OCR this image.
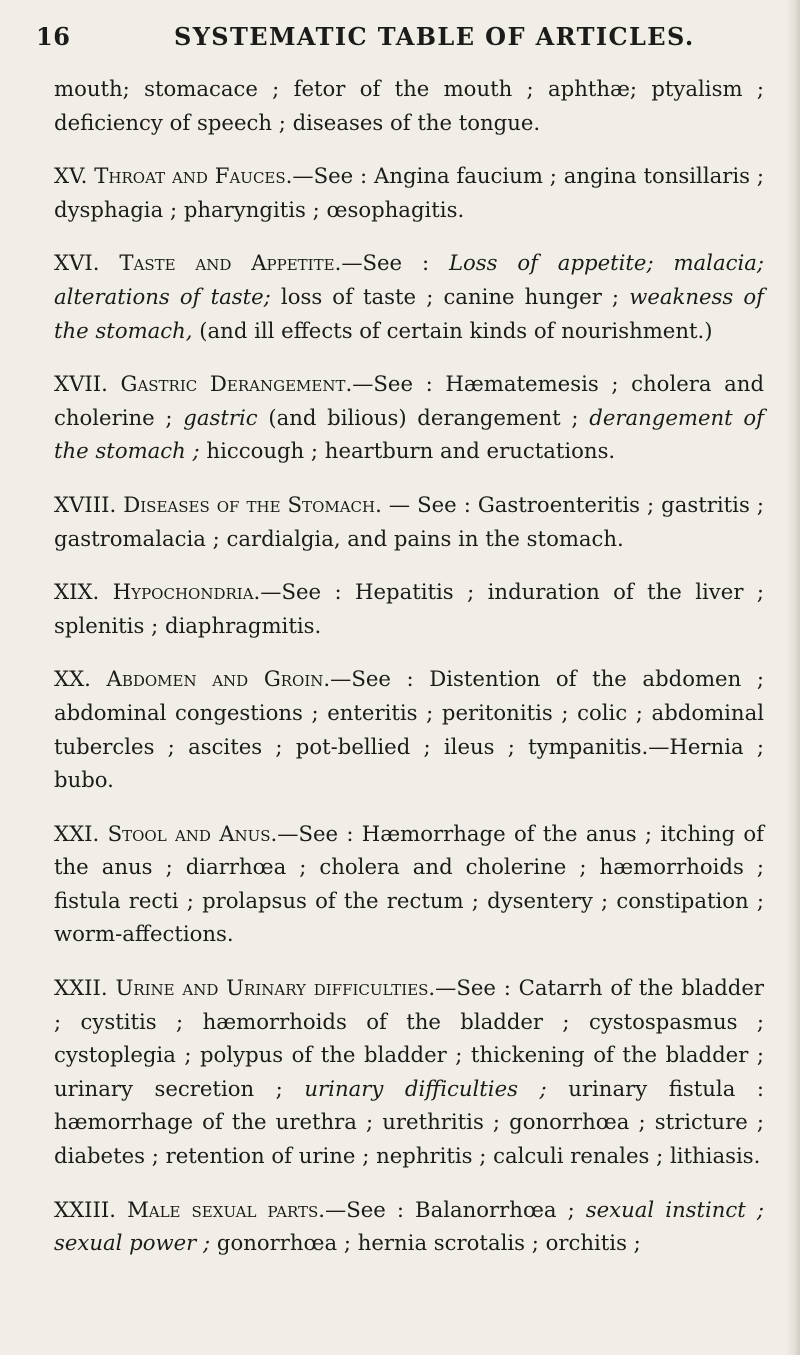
16	SYSTEMATIC TABLE OF ARTICLES.

mouth; stomacace ; fetor of the mouth ; aphthæ; ptyalism ; deficiency of speech ; diseases of the tongue.

XV. Throat and Fauces.—See : Angina faucium ; angina tonsillaris ; dysphagia ; pharyngitis ; œsophagitis.

XVI. Taste and Appetite.—See : Loss of appetite; malacia; alterations of taste; loss of taste ; canine hunger ; weakness of the stomach, (and ill effects of certain kinds of nourishment.)

XVII. Gastric Derangement.—See : Hæmatemesis ; cholera and cholerine ; gastric (and bilious) derangement ; derangement of the stomach ; hiccough ; heartburn and eructations.

XVIII. Diseases of the Stomach. — See : Gastroenteritis ; gastritis ; gastromalacia ; cardialgia, and pains in the stomach.

XIX. Hypochondria.—See : Hepatitis ; induration of the liver ; splenitis ; diaphragmitis.

XX. Abdomen and Groin.—See : Distention of the abdomen ; abdominal congestions ; enteritis ; peritonitis ; colic ; abdominal tubercles ; ascites ; pot-bellied ; ileus ; tympanitis.—Hernia ; bubo.

XXI. Stool and Anus.—See : Hæmorrhage of the anus ; itching of the anus ; diarrhœa ; cholera and cholerine ; hæmorrhoids ; fistula recti ; prolapsus of the rectum ; dysentery ; constipation ; worm-affections.

XXII. Urine and Urinary difficulties.—See : Catarrh of the bladder ; cystitis ; hæmorrhoids of the bladder ; cystospasmus ; cystoplegia ; polypus of the bladder ; thickening of the bladder ; urinary secretion ; urinary difficulties ; urinary fistula : hæmorrhage of the urethra ; urethritis ; gonorrhœa ; stricture ; diabetes ; retention of urine ; nephritis ; calculi renales ; lithiasis.

XXIII. Male sexual parts.—See : Balanorrhœa ; sexual instinct ; sexual power ; gonorrhœa ; hernia scrotalis ; orchitis ;
